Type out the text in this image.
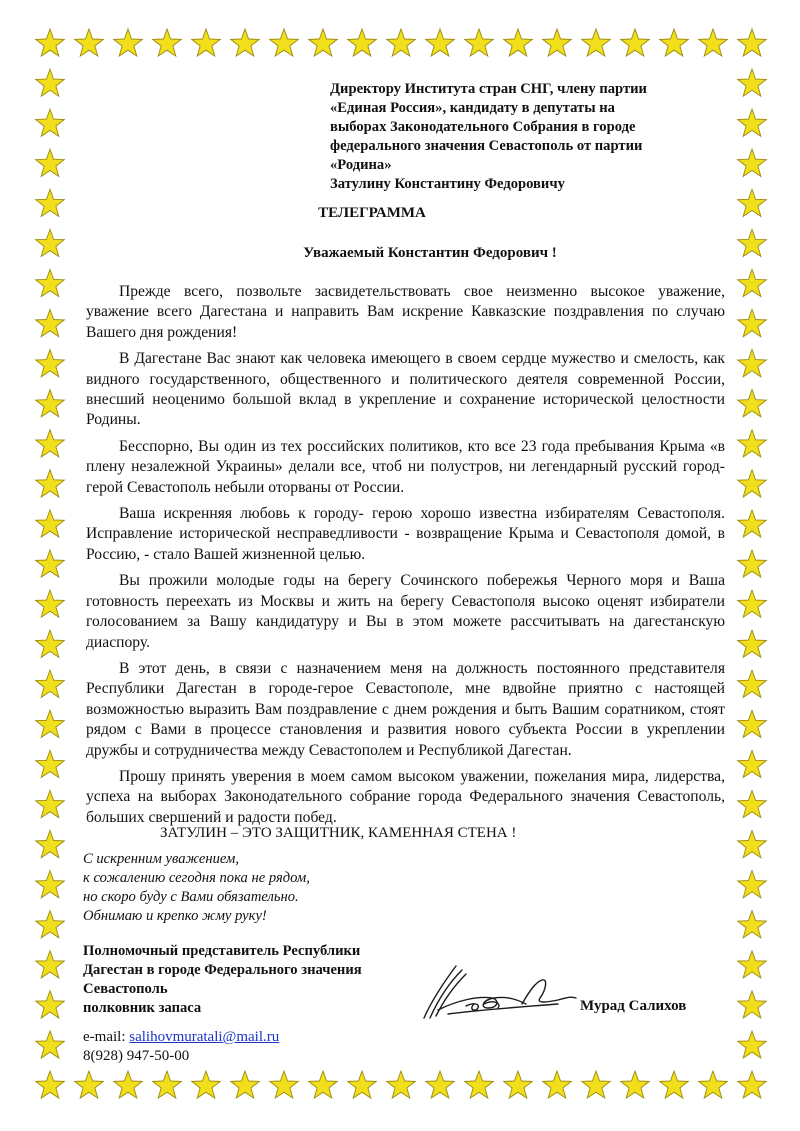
Директору Института стран СНГ, члену партии
«Единая Россия», кандидату в депутаты на
выборах Законодательного Собрания в городе
федерального значения Севастополь от партии
«Родина»
Затулину Константину Федоровичу
ТЕЛЕГРАММА
Уважаемый Константин Федорович !

Прежде всего, позвольте засвидетельствовать свое неизменно высокое уважение, уважение всего Дагестана и направить Вам искрение Кавказские поздравления по случаю Вашего дня рождения!

В Дагестане Вас знают как человека имеющего в своем сердце мужество и смелость, как видного государственного, общественного и политического деятеля современной России, внесший неоценимо большой вклад в укрепление и сохранение исторической целостности Родины.

Бесспорно, Вы один из тех российских политиков, кто все 23 года пребывания Крыма «в плену незалежной Украины» делали все, чтоб ни полустров, ни легендарный русский город-герой Севастополь небыли оторваны от России.

Ваша искренняя любовь к городу- герою хорошо известна избирателям Севастополя. Исправление исторической несправедливости - возвращение Крыма и Севастополя домой, в Россию, - стало Вашей жизненной целью.

Вы прожили молодые годы на берегу Сочинского побережья Черного моря и Ваша готовность переехать из Москвы и жить на берегу Севастополя высоко оценят избиратели голосованием за Вашу кандидатуру и Вы в этом можете рассчитывать на дагестанскую диаспору.

В этот день, в связи с назначением меня на должность постоянного представителя Республики Дагестан в городе-герое Севастополе, мне вдвойне приятно с настоящей возможностью выразить Вам поздравление с днем рождения и быть Вашим соратником, стоят рядом с Вами в процессе становления и развития нового субъекта России в укреплении дружбы и сотрудничества между Севастополем и Республикой Дагестан.

Прошу принять уверения в моем самом высоком уважении, пожелания мира, лидерства, успеха на выборах Законодательного собрание города Федерального значения Севастополь, больших свершений и радости побед.

ЗАТУЛИН – ЭТО ЗАЩИТНИК, КАМЕННАЯ СТЕНА !
С искренним уважением,
к сожалению сегодня пока не рядом,
но скоро буду с Вами обязательно.
Обнимаю и крепко жму руку!
Полномочный представитель Республики
Дагестан в городе Федерального значения
Севастополь
полковник запаса	Мурад Салихов
e-mail: salihovmuratali@mail.ru
8(928) 947-50-00
